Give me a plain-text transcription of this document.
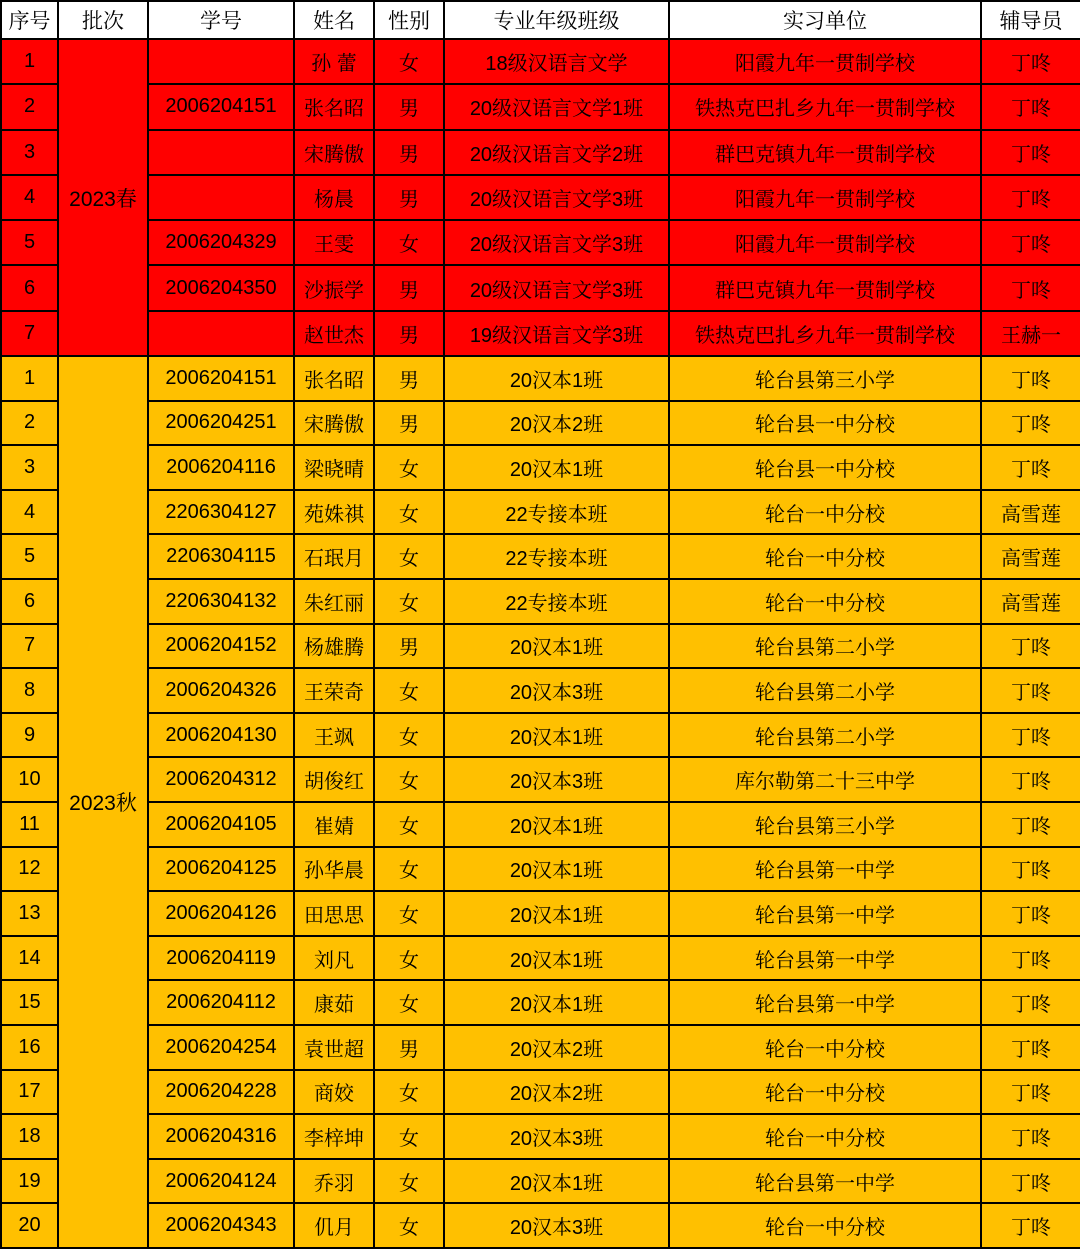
序号	批次	学号	姓名	性别	专业年级班级	实习单位	辅导员
1	2023春		孙 蕾	女	18级汉语言文学	阳霞九年一贯制学校	丁咚
2		2006204151	张名昭	男	20级汉语言文学1班	铁热克巴扎乡九年一贯制学校	丁咚
3			宋腾傲	男	20级汉语言文学2班	群巴克镇九年一贯制学校	丁咚
4			杨晨	男	20级汉语言文学3班	阳霞九年一贯制学校	丁咚
5		2006204329	王雯	女	20级汉语言文学3班	阳霞九年一贯制学校	丁咚
6		2006204350	沙振学	男	20级汉语言文学3班	群巴克镇九年一贯制学校	丁咚
7			赵世杰	男	19级汉语言文学3班	铁热克巴扎乡九年一贯制学校	王赫一
1	2023秋	2006204151	张名昭	男	20汉本1班	轮台县第三小学	丁咚
2		2006204251	宋腾傲	男	20汉本2班	轮台县一中分校	丁咚
3		2006204116	梁晓晴	女	20汉本1班	轮台县一中分校	丁咚
4		2206304127	苑姝祺	女	22专接本班	轮台一中分校	高雪莲
5		2206304115	石珉月	女	22专接本班	轮台一中分校	高雪莲
6		2206304132	朱红丽	女	22专接本班	轮台一中分校	高雪莲
7		2006204152	杨雄腾	男	20汉本1班	轮台县第二小学	丁咚
8		2006204326	王荣奇	女	20汉本3班	轮台县第二小学	丁咚
9		2006204130	王飒	女	20汉本1班	轮台县第二小学	丁咚
10		2006204312	胡俊红	女	20汉本3班	库尔勒第二十三中学	丁咚
11		2006204105	崔婧	女	20汉本1班	轮台县第三小学	丁咚
12		2006204125	孙华晨	女	20汉本1班	轮台县第一中学	丁咚
13		2006204126	田思思	女	20汉本1班	轮台县第一中学	丁咚
14		2006204119	刘凡	女	20汉本1班	轮台县第一中学	丁咚
15		2006204112	康茹	女	20汉本1班	轮台县第一中学	丁咚
16		2006204254	袁世超	男	20汉本2班	轮台一中分校	丁咚
17		2006204228	商姣	女	20汉本2班	轮台一中分校	丁咚
18		2006204316	李梓坤	女	20汉本3班	轮台一中分校	丁咚
19		2006204124	乔羽	女	20汉本1班	轮台县第一中学	丁咚
20		2006204343	仉月	女	20汉本3班	轮台一中分校	丁咚
